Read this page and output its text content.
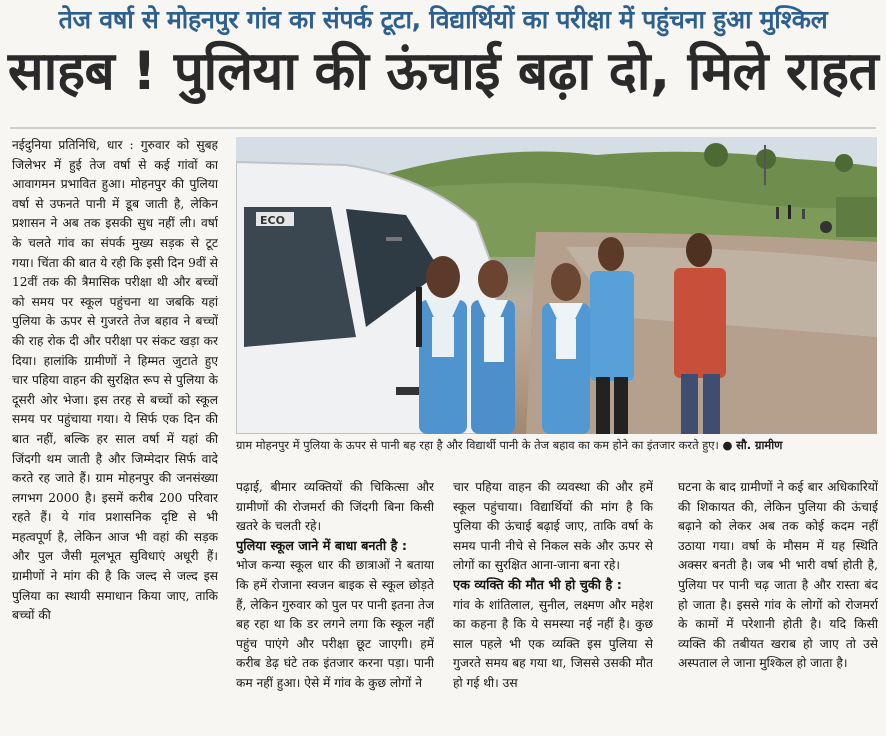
तेज वर्षा से मोहनपुर गांव का संपर्क टूटा, विद्यार्थियों का परीक्षा में पहुंचना हुआ मुश्किल
साहब ! पुलिया की ऊंचाई बढ़ा दो, मिले राहत

नईदुनिया प्रतिनिधि, धार : गुरुवार को सुबह जिलेभर में हुई तेज वर्षा से कई गांवों का आवागमन प्रभावित हुआ। मोहनपुर की पुलिया वर्षा से उफनते पानी में डूब जाती है, लेकिन प्रशासन ने अब तक इसकी सुध नहीं ली। वर्षा के चलते गांव का संपर्क मुख्य सड़क से टूट गया। चिंता की बात ये रही कि इसी दिन 9वीं से 12वीं तक की त्रैमासिक परीक्षा थी और बच्चों को समय पर स्कूल पहुंचना था जबकि यहां पुलिया के ऊपर से गुजरते तेज बहाव ने बच्चों की राह रोक दी और परीक्षा पर संकट खड़ा कर दिया। हालांकि ग्रामीणों ने हिम्मत जुटाते हुए चार पहिया वाहन की सुरक्षित रूप से पुलिया के दूसरी ओर भेजा। इस तरह से बच्चों को स्कूल समय पर पहुंचाया गया। ये सिर्फ एक दिन की बात नहीं, बल्कि हर साल वर्षा में यहां की जिंदगी थम जाती है और जिम्मेदार सिर्फ वादे करते रह जाते हैं। ग्राम मोहनपुर की जनसंख्या लगभग 2000 है। इसमें करीब 200 परिवार रहते हैं। ये गांव प्रशासनिक दृष्टि से भी महत्वपूर्ण है, लेकिन आज भी वहां की सड़क और पुल जैसी मूलभूत सुविधाएं अधूरी हैं। ग्रामीणों ने मांग की है कि जल्द से जल्द इस पुलिया का स्थायी समाधान किया जाए, ताकि बच्चों की

ECO
ग्राम मोहनपुर में पुलिया के ऊपर से पानी बह रहा है और विद्यार्थी पानी के तेज बहाव का कम होने का इंतजार करते हुए। ● सौ. ग्रामीण

पढ़ाई, बीमार व्यक्तियों की चिकित्सा और ग्रामीणों की रोजमर्रा की जिंदगी बिना किसी खतरे के चलती रहे।

पुलिया स्कूल जाने में बाधा बनती है :

भोज कन्या स्कूल धार की छात्राओं ने बताया कि हमें रोजाना स्वजन बाइक से स्कूल छोड़ते हैं, लेकिन गुरुवार को पुल पर पानी इतना तेज बह रहा था कि डर लगने लगा कि स्कूल नहीं पहुंच पाएंगे और परीक्षा छूट जाएगी। हमें करीब डेढ़ घंटे तक इंतजार करना पड़ा। पानी कम नहीं हुआ। ऐसे में गांव के कुछ लोगों ने

चार पहिया वाहन की व्यवस्था की और हमें स्कूल पहुंचाया। विद्यार्थियों की मांग है कि पुलिया की ऊंचाई बढ़ाई जाए, ताकि वर्षा के समय पानी नीचे से निकल सके और ऊपर से लोगों का सुरक्षित आना-जाना बना रहे।

एक व्यक्ति की मौत भी हो चुकी है :

गांव के शांतिलाल, सुनील, लक्ष्मण और महेश का कहना है कि ये समस्या नई नहीं है। कुछ साल पहले भी एक व्यक्ति इस पुलिया से गुजरते समय बह गया था, जिससे उसकी मौत हो गई थी। उस

घटना के बाद ग्रामीणों ने कई बार अधिकारियों की शिकायत की, लेकिन पुलिया की ऊंचाई बढ़ाने को लेकर अब तक कोई कदम नहीं उठाया गया। वर्षा के मौसम में यह स्थिति अक्सर बनती है। जब भी भारी वर्षा होती है, पुलिया पर पानी चढ़ जाता है और रास्ता बंद हो जाता है। इससे गांव के लोगों को रोजमर्रा के कामों में परेशानी होती है। यदि किसी व्यक्ति की तबीयत खराब हो जाए तो उसे अस्पताल ले जाना मुश्किल हो जाता है।
